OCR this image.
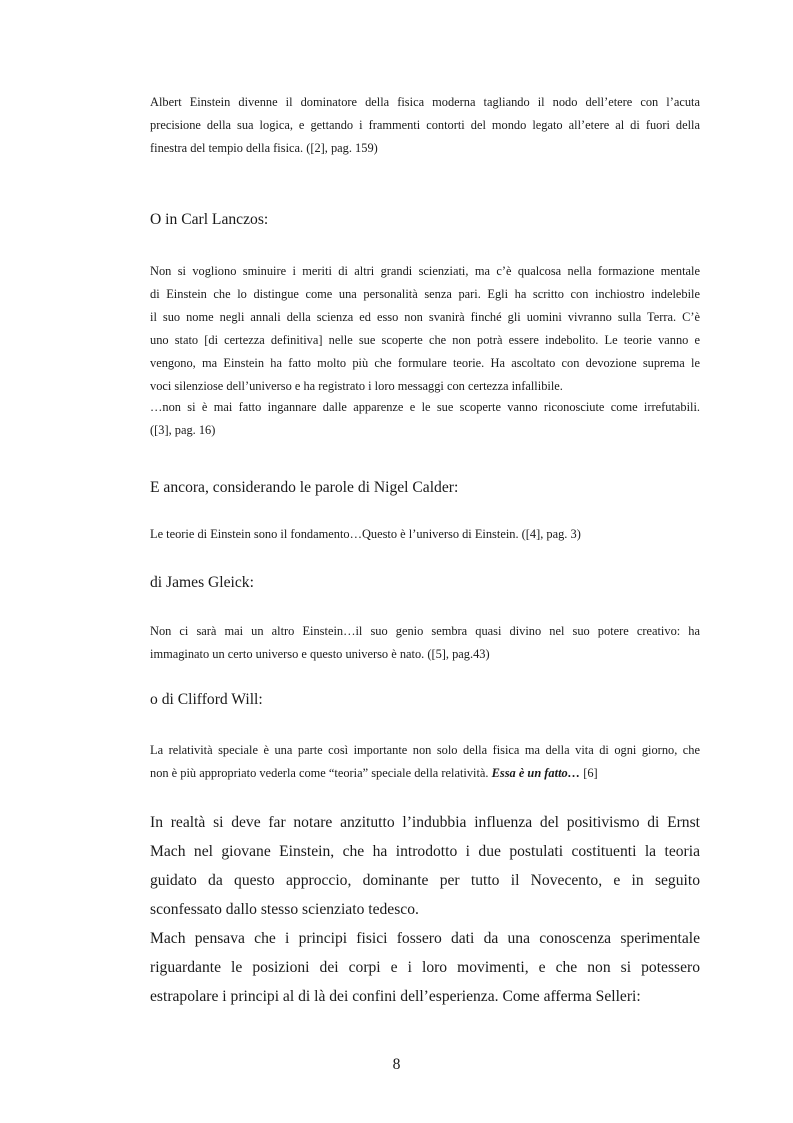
Albert Einstein divenne il dominatore della fisica moderna tagliando il nodo dell’etere con l’acuta
precisione della sua logica, e gettando i frammenti contorti del mondo legato all’etere al di fuori della
finestra del tempio della fisica. ([2], pag. 159)

O in Carl Lanczos:

Non si vogliono sminuire i meriti di altri grandi scienziati, ma c’è qualcosa nella formazione mentale
di Einstein che lo distingue come una personalità senza pari. Egli ha scritto con inchiostro indelebile
il suo nome negli annali della scienza ed esso non svanirà finché gli uomini vivranno sulla Terra. C’è
uno stato [di certezza definitiva] nelle sue scoperte che non potrà essere indebolito. Le teorie vanno e
vengono, ma Einstein ha fatto molto più che formulare teorie. Ha ascoltato con devozione suprema le
voci silenziose dell’universo e ha registrato i loro messaggi con certezza infallibile.
…non si è mai fatto ingannare dalle apparenze e le sue scoperte vanno riconosciute come irrefutabili.
([3], pag. 16)

E ancora, considerando le parole di Nigel Calder:

Le teorie di Einstein sono il fondamento…Questo è l’universo di Einstein. ([4], pag. 3)

di James Gleick:

Non ci sarà mai un altro Einstein…il suo genio sembra quasi divino nel suo potere creativo: ha
immaginato un certo universo e questo universo è nato. ([5], pag.43)

o di Clifford Will:

La relatività speciale è una parte così importante non solo della fisica ma della vita di ogni giorno, che
non è più appropriato vederla come “teoria” speciale della relatività. Essa è un fatto… [6]
In realtà si deve far notare anzitutto l’indubbia influenza del positivismo di Ernst
Mach nel giovane Einstein, che ha introdotto i due postulati costituenti la teoria
guidato da questo approccio, dominante per tutto il Novecento, e in seguito
sconfessato dallo stesso scienziato tedesco.
Mach pensava che i principi fisici fossero dati da una conoscenza sperimentale
riguardante le posizioni dei corpi e i loro movimenti, e che non si potessero
estrapolare i principi al di là dei confini dell’esperienza. Come afferma Selleri:
8
